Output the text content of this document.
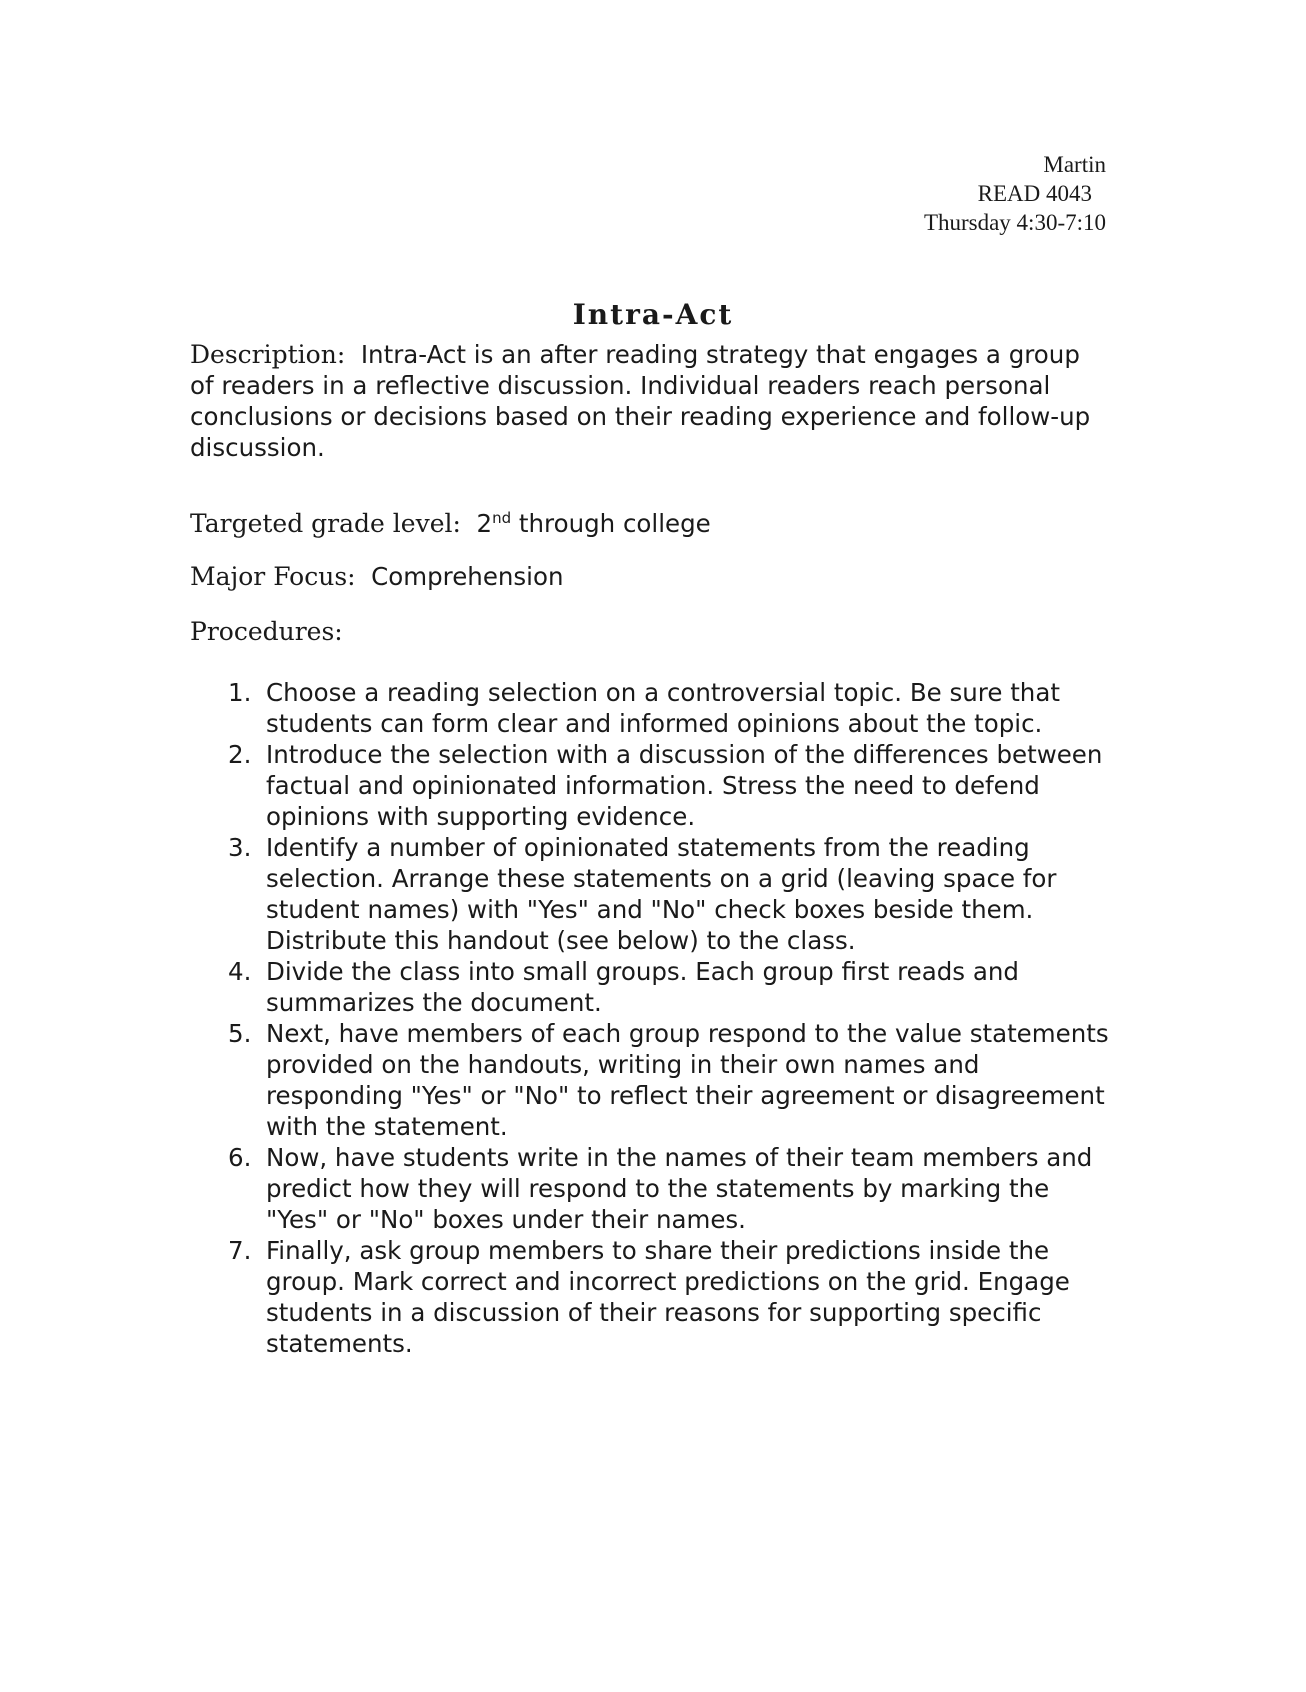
Martin
READ 4043
Thursday 4:30-7:10
Intra-Act

Description: Intra-Act is an after reading strategy that engages a group of readers in a reflective discussion. Individual readers reach personal conclusions or decisions based on their reading experience and follow-up discussion.

Targeted grade level: 2nd through college

Major Focus: Comprehension

Procedures:

1. Choose a reading selection on a controversial topic. Be sure that students can form clear and informed opinions about the topic.
2. Introduce the selection with a discussion of the differences between factual and opinionated information. Stress the need to defend opinions with supporting evidence.
3. Identify a number of opinionated statements from the reading selection. Arrange these statements on a grid (leaving space for student names) with "Yes" and "No" check boxes beside them. Distribute this handout (see below) to the class.
4. Divide the class into small groups. Each group first reads and summarizes the document.
5. Next, have members of each group respond to the value statements provided on the handouts, writing in their own names and responding "Yes" or "No" to reflect their agreement or disagreement with the statement.
6. Now, have students write in the names of their team members and predict how they will respond to the statements by marking the "Yes" or "No" boxes under their names.
7. Finally, ask group members to share their predictions inside the group. Mark correct and incorrect predictions on the grid. Engage students in a discussion of their reasons for supporting specific statements.
